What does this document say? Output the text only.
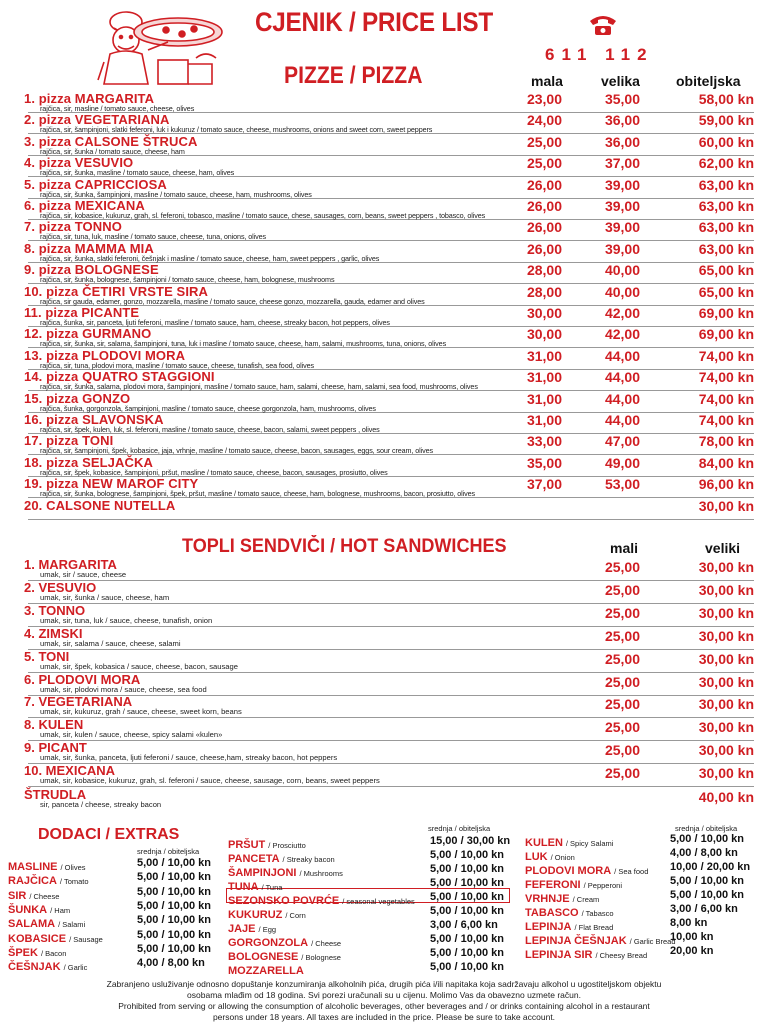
CJENIK / PRICE LIST
611 112
PIZZE / PIZZA	mala	velika	obiteljska
1. pizza MARGARITA
rajčica, sir, masline / tomato sauce, cheese, olives
23,00	35,00	58,00 kn
2. pizza VEGETARIANA
rajčica, sir, šampinjoni, slatki feferoni, luk i kukuruz / tomato sauce, cheese, mushrooms, onions and sweet corn, sweet peppers
24,00	36,00	59,00 kn
3. pizza CALSONE ŠTRUCA
rajčica, sir, šunka / tomato sauce, cheese, ham
25,00	36,00	60,00 kn
4. pizza VESUVIO
rajčica, sir, šunka, masline / tomato sauce, cheese, ham, olives
25,00	37,00	62,00 kn
5. pizza CAPRICCIOSA
rajčica, sir, šunka, šampinjoni, masline / tomato sauce, cheese, ham, mushrooms, olives
26,00	39,00	63,00 kn
6. pizza MEXICANA
rajčica, sir, kobasice, kukuruz, grah, sl. feferoni, tobasco, masline / tomato sauce, chese, sausages, corn, beans, sweet peppers , tobasco, olives
26,00	39,00	63,00 kn
7. pizza TONNO
rajčica, sir, tuna, luk, masline / tomato sauce, cheese, tuna, onions, olives
26,00	39,00	63,00 kn
8. pizza MAMMA MIA
rajčica, sir, šunka, slatki feferoni, češnjak i masline / tomato sauce, cheese, ham, sweet peppers , garlic, olives
26,00	39,00	63,00 kn
9. pizza BOLOGNESE
rajčica, sir, šunka, bolognese, šampinjoni / tomato sauce, cheese, ham, bolognese, mushrooms
28,00	40,00	65,00 kn
10. pizza ČETIRI VRSTE SIRA
rajčica, sir gauda, edamer, gonzo, mozzarella, masline / tomato sauce, cheese gonzo, mozzarella, gauda, edamer and olives
28,00	40,00	65,00 kn
11. pizza PICANTE
rajčica, šunka, sir, panceta, ljuti feferoni, masline / tomato sauce, ham, cheese, streaky bacon, hot peppers, olives
30,00	42,00	69,00 kn
12. pizza GURMANO
rajčica, sir, šunka, sir, salama, šampinjoni, tuna, luk i masline / tomato sauce, cheese, ham, salami, mushrooms, tuna, onions, olives
30,00	42,00	69,00 kn
13. pizza PLODOVI MORA
rajčica, sir, tuna, plodovi mora, masline / tomato sauce, cheese, tunafish, sea food, olives
31,00	44,00	74,00 kn
14. pizza QUATRO STAGGIONI
rajčica, sir, šunka, salama, plodovi mora, šampinjoni, masline / tomato sauce, ham, salami, cheese, ham, salami, sea food, mushrooms, olives
31,00	44,00	74,00 kn
15. pizza GONZO
rajčica, šunka, gorgonzola, šampinjoni, masline / tomato sauce, cheese gorgonzola, ham, mushrooms, olives
31,00	44,00	74,00 kn
16. pizza SLAVONSKA
rajčica, sir, špek, kulen, luk, sl. feferoni, masline / tomato sauce, cheese, bacon, salami, sweet peppers , olives
31,00	44,00	74,00 kn
17. pizza TONI
rajčica, sir, šampinjoni, špek, kobasice, jaja, vrhnje, masline / tomato sauce, cheese, bacon, sausages, eggs, sour cream, olives
33,00	47,00	78,00 kn
18. pizza SELJAČKA
rajčica, sir, špek, kobasice, šampinjoni, pršut, masline / tomato sauce, cheese, bacon, sausages, prosiutto, olives
35,00	49,00	84,00 kn
19. pizza NEW MAROF CITY
rajčica, sir, šunka, bolognese, šampinjoni, špek, pršut, masline / tomato sauce, cheese, ham, bolognese, mushrooms, bacon, prosiutto, olives
37,00	53,00	96,00 kn
20. CALSONE NUTELLA	30,00 kn
TOPLI SENDVIČI / HOT SANDWICHES	mali	veliki
1. MARGARITA
umak, sir / sauce, cheese	25,00	30,00 kn
2. VESUVIO
umak, sir, šunka / sauce, cheese, ham	25,00	30,00 kn
3. TONNO
umak, sir, tuna, luk / sauce, cheese, tunafish, onion	25,00	30,00 kn
4. ZIMSKI
umak, sir, salama / sauce, cheese, salami	25,00	30,00 kn
5. TONI
umak, sir, špek, kobasica / sauce, cheese, bacon, sausage	25,00	30,00 kn
6. PLODOVI MORA
umak, sir, plodovi mora / sauce, cheese, sea food	25,00	30,00 kn
7. VEGETARIANA
umak, sir, kukuruz, grah / sauce, cheese, sweet korn, beans	25,00	30,00 kn
8. KULEN
umak, sir, kulen / sauce, cheese, spicy salami «kulen»	25,00	30,00 kn
9. PICANT
umak, sir, šunka, panceta, ljuti feferoni / sauce, cheese,ham, streaky bacon, hot peppers	25,00	30,00 kn
10. MEXICANA
umak, sir, kobasice, kukuruz, grah, sl. feferoni / sauce, cheese, sausage, corn, beans, sweet peppers	25,00	30,00 kn
ŠTRUDLA
sir, panceta / cheese, streaky bacon	40,00 kn
DODACI / EXTRAS
srednja / obiteljska
srednja / obiteljska	srednja / obiteljska
MASLINE / Olives	5,00 / 10,00 kn
RAJČICA / Tomato	5,00 / 10,00 kn
SIR / Cheese	5,00 / 10,00 kn
ŠUNKA / Ham	5,00 / 10,00 kn
SALAMA / Salami	5,00 / 10,00 kn
KOBASICE / Sausage	5,00 / 10,00 kn
ŠPEK / Bacon	5,00 / 10,00 kn
ČEŠNJAK / Garlic	4,00 / 8,00 kn
PRŠUT / Prosciutto	15,00 / 30,00 kn
PANCETA / Streaky bacon	5,00 / 10,00 kn
ŠAMPINJONI / Mushrooms	5,00 / 10,00 kn
TUNA / Tuna	5,00 / 10,00 kn
SEZONSKO POVRĆE / seasonal vegetables 5,00 / 10,00 kn
KUKURUZ / Corn	5,00 / 10,00 kn
JAJE / Egg	3,00 / 6,00 kn
GORGONZOLA / Cheese	5,00 / 10,00 kn
BOLOGNESE / Bolognese	5,00 / 10,00 kn
MOZZARELLA	5,00 / 10,00 kn
KULEN / Spicy Salami	5,00 / 10,00 kn
LUK / Onion	4,00 / 8,00 kn
PLODOVI MORA / Sea food 10,00 / 20,00 kn
FEFERONI / Pepperoni	5,00 / 10,00 kn
VRHNJE / Cream	5,00 / 10,00 kn
TABASCO / Tabasco	3,00 / 6,00 kn
LEPINJA / Flat Bread	8,00 kn
LEPINJA ČEŠNJAK / Garlic Bread
10,00 kn
LEPINJA SIR / Cheesy Bread 20,00 kn
Zabranjeno usluživanje odnosno dopuštanje konzumiranja alkoholnih pića, drugih pića i/ili napitaka koja sadržavaju alkohol u ugostiteljskom objektu
osobama mlađim od 18 godina. Svi porezi uračunali su u cijenu. Molimo Vas da obavezno uzmete račun.
Prohibited from serving or allowing the consumption of alcoholic beverages, other beverages and / or drinks containing alcohol in a restaurant
persons under 18 years. All taxes are included in the price. Please be sure to take account.
